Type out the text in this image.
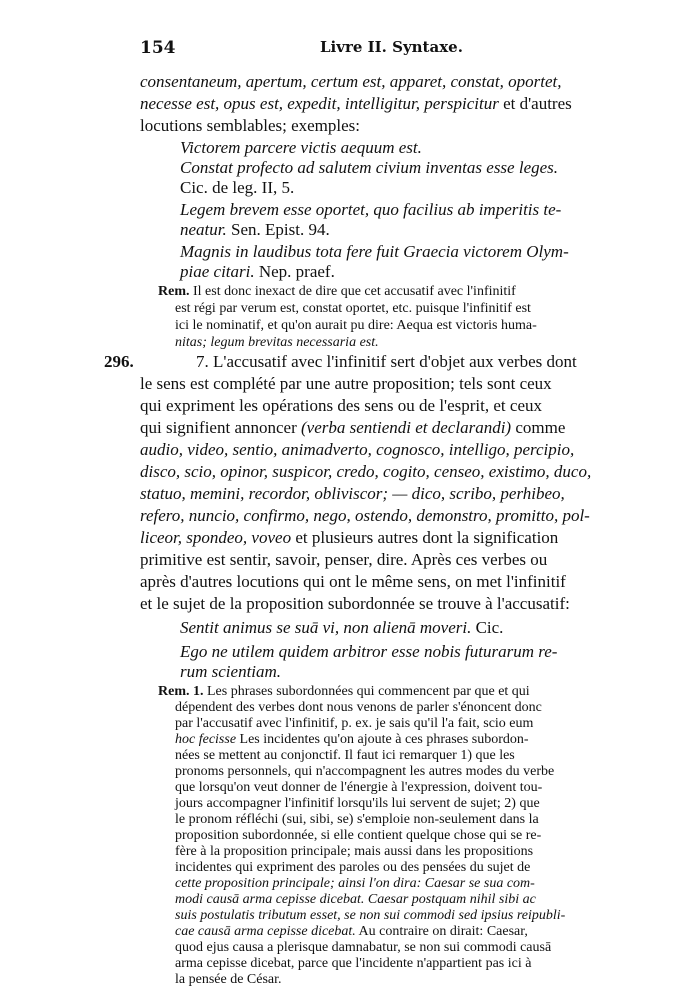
154	Livre II. Syntaxe.
consentaneum, apertum, certum est, apparet, constat, oportet,
necesse est, opus est, expedit, intelligitur, perspicitur et d'autres
locutions semblables; exemples:
Victorem parcere victis aequum est.
Constat profecto ad salutem civium inventas esse leges.
Cic. de leg. II, 5.
Legem brevem esse oportet, quo facilius ab imperitis te-
neatur. Sen. Epist. 94.
Magnis in laudibus tota fere fuit Graecia victorem Olym-
piae citari. Nep. praef.
Rem. Il est donc inexact de dire que cet accusatif avec l'infinitif
est régi par verum est, constat oportet, etc. puisque l'infinitif est
ici le nominatif, et qu'on aurait pu dire: Aequa est victoris huma-
nitas; legum brevitas necessaria est.
296.	7. L'accusatif avec l'infinitif sert d'objet aux verbes dont
le sens est complété par une autre proposition; tels sont ceux
qui expriment les opérations des sens ou de l'esprit, et ceux
qui signifient annoncer (verba sentiendi et declarandi) comme
audio, video, sentio, animadverto, cognosco, intelligo, percipio,
disco, scio, opinor, suspicor, credo, cogito, censeo, existimo, duco,
statuo, memini, recordor, obliviscor; — dico, scribo, perhibeo,
refero, nuncio, confirmo, nego, ostendo, demonstro, promitto, pol-
liceor, spondeo, voveo et plusieurs autres dont la signification
primitive est sentir, savoir, penser, dire. Après ces verbes ou
après d'autres locutions qui ont le même sens, on met l'infinitif
et le sujet de la proposition subordonnée se trouve à l'accusatif:
Sentit animus se suā vi, non alienā moveri. Cic.
Ego ne utilem quidem arbitror esse nobis futurarum re-
rum scientiam.
Rem. 1. Les phrases subordonnées qui commencent par que et qui
dépendent des verbes dont nous venons de parler s'énoncent donc
par l'accusatif avec l'infinitif, p. ex. je sais qu'il l'a fait, scio eum
hoc fecisse Les incidentes qu'on ajoute à ces phrases subordon-
nées se mettent au conjonctif. Il faut ici remarquer 1) que les
pronoms personnels, qui n'accompagnent les autres modes du verbe
que lorsqu'on veut donner de l'énergie à l'expression, doivent tou-
jours accompagner l'infinitif lorsqu'ils lui servent de sujet; 2) que
le pronom réfléchi (sui, sibi, se) s'emploie non-seulement dans la
proposition subordonnée, si elle contient quelque chose qui se re-
fère à la proposition principale; mais aussi dans les propositions
incidentes qui expriment des paroles ou des pensées du sujet de
cette proposition principale; ainsi l'on dira: Caesar se sua com-
modi causā arma cepisse dicebat. Caesar postquam nihil sibi ac
suis postulatis tributum esset, se non sui commodi sed ipsius reipubli-
cae causā arma cepisse dicebat. Au contraire on dirait: Caesar,
quod ejus causa a plerisque damnabatur, se non sui commodi causā
arma cepisse dicebat, parce que l'incidente n'appartient pas ici à
la pensée de César.
